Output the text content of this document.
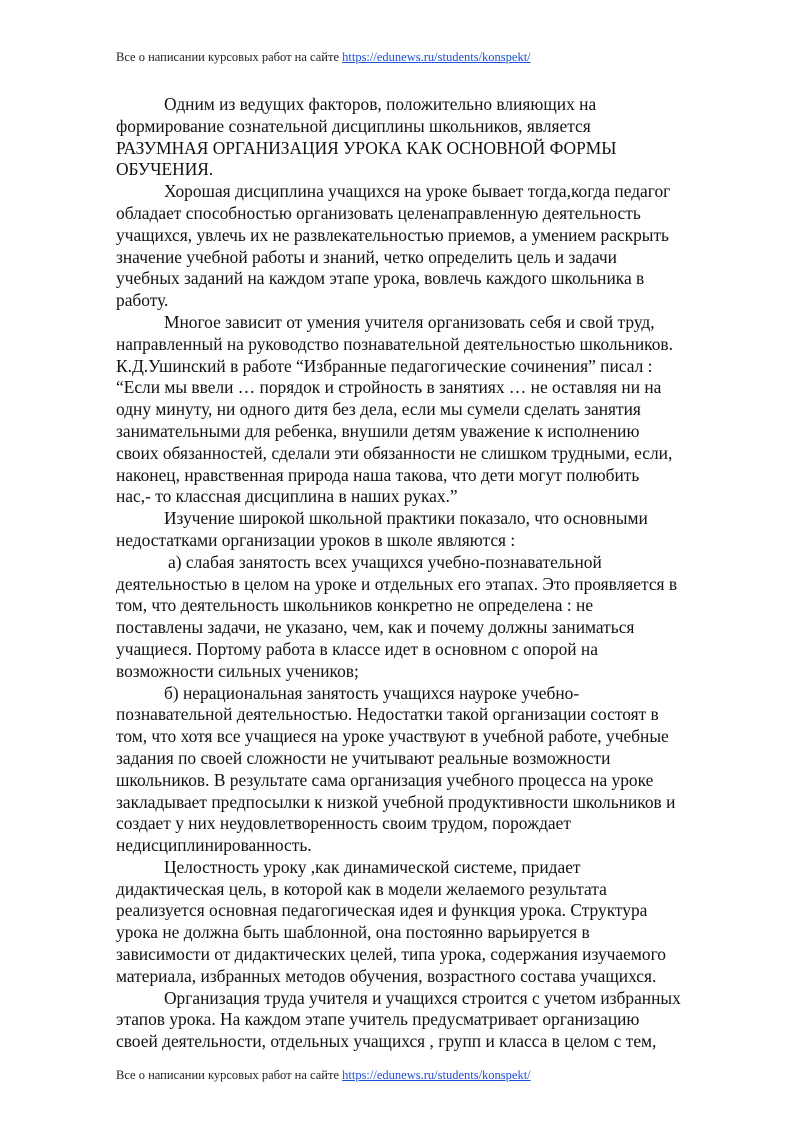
Все о написании курсовых работ на сайте https://edunews.ru/students/konspekt/
Одним из ведущих факторов, положительно влияющих на
формирование сознательной дисциплины школьников, является
РАЗУМНАЯ ОРГАНИЗАЦИЯ УРОКА КАК ОСНОВНОЙ ФОРМЫ
ОБУЧЕНИЯ.
Хорошая дисциплина учащихся на уроке бывает тогда,когда педагог
обладает способностью организовать целенаправленную деятельность
учащихся, увлечь их не развлекательностью приемов, а умением раскрыть
значение учебной работы и знаний, четко определить цель и задачи
учебных заданий на каждом этапе урока, вовлечь каждого школьника в
работу.
Многое зависит от умения учителя организовать себя и свой труд,
направленный на руководство познавательной деятельностью школьников.
К.Д.Ушинский в работе “Избранные педагогические сочинения” писал :
“Если мы ввели … порядок и стройность в занятиях … не оставляя ни на
одну минуту, ни одного дитя без дела, если мы сумели сделать занятия
занимательными для ребенка, внушили детям уважение к исполнению
своих обязанностей, сделали эти обязанности не слишком трудными, если,
наконец, нравственная природа наша такова, что дети могут полюбить
нас,- то классная дисциплина в наших руках.”
Изучение широкой школьной практики показало, что основными
недостатками организации уроков в школе являются :
а) слабая занятость всех учащихся учебно-познавательной
деятельностью в целом на уроке и отдельных его этапах. Это проявляется в
том, что деятельность школьников конкретно не определена : не
поставлены задачи, не указано, чем, как и почему должны заниматься
учащиеся. Портому работа в классе идет в основном с опорой на
возможности сильных учеников;
б) нерациональная занятость учащихся науроке учебно-
познавательной деятельностью. Недостатки такой организации состоят в
том, что хотя все учащиеся на уроке участвуют в учебной работе, учебные
задания по своей сложности не учитывают реальные возможности
школьников. В результате сама организация учебного процесса на уроке
закладывает предпосылки к низкой учебной продуктивности школьников и
создает у них неудовлетворенность своим трудом, порождает
недисциплинированность.
Целостность уроку ,как динамической системе, придает
дидактическая цель, в которой как в модели желаемого результата
реализуется основная педагогическая идея и функция урока. Структура
урока не должна быть шаблонной, она постоянно варьируется в
зависимости от дидактических целей, типа урока, содержания изучаемого
материала, избранных методов обучения, возрастного состава учащихся.
Организация труда учителя и учащихся строится с учетом избранных
этапов урока. На каждом этапе учитель предусматривает организацию
своей деятельности, отдельных учащихся , групп и класса в целом с тем,
Все о написании курсовых работ на сайте https://edunews.ru/students/konspekt/
